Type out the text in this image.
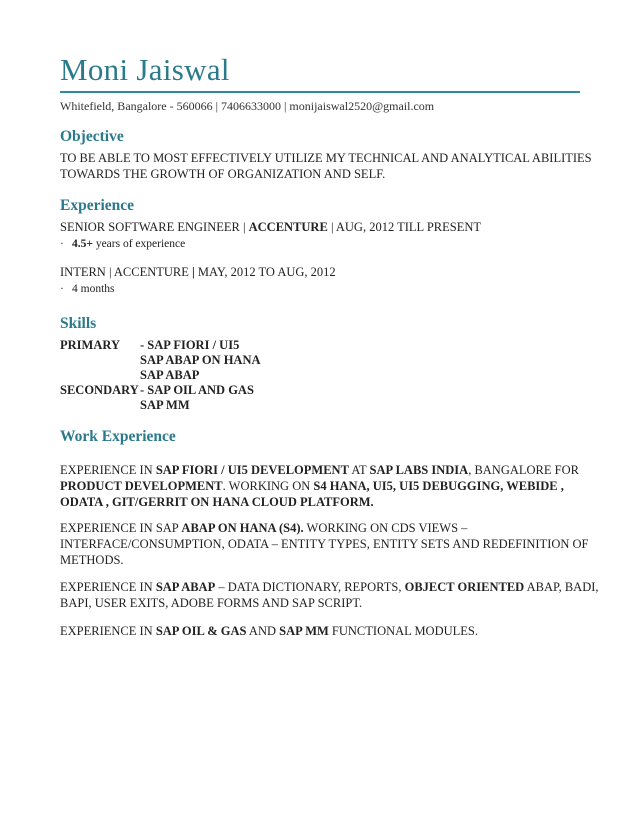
Moni Jaiswal
Whitefield, Bangalore - 560066 | 7406633000 | monijaiswal2520@gmail.com
Objective
TO BE ABLE TO MOST EFFECTIVELY UTILIZE MY TECHNICAL AND ANALYTICAL ABILITIES
TOWARDS THE GROWTH OF ORGANIZATION AND SELF.
Experience
SENIOR SOFTWARE ENGINEER | ACCENTURE | AUG, 2012 TILL PRESENT
· 4.5+ years of experience
INTERN | ACCENTURE | MAY, 2012 TO AUG, 2012
· 4 months
Skills
PRIMARY - SAP FIORI / UI5
SAP ABAP ON HANA
SAP ABAP
SECONDARY- SAP OIL AND GAS
SAP MM
Work Experience
EXPERIENCE IN SAP FIORI / UI5 DEVELOPMENT AT SAP LABS INDIA, BANGALORE FOR
PRODUCT DEVELOPMENT. WORKING ON S4 HANA, UI5, UI5 DEBUGGING, WEBIDE ,
ODATA , GIT/GERRIT ON HANA CLOUD PLATFORM.
EXPERIENCE IN SAP ABAP ON HANA (S4). WORKING ON CDS VIEWS –
INTERFACE/CONSUMPTION, ODATA – ENTITY TYPES, ENTITY SETS AND REDEFINITION OF
METHODS.
EXPERIENCE IN SAP ABAP – DATA DICTIONARY, REPORTS, OBJECT ORIENTED ABAP, BADI,
BAPI, USER EXITS, ADOBE FORMS AND SAP SCRIPT.
EXPERIENCE IN SAP OIL & GAS AND SAP MM FUNCTIONAL MODULES.
